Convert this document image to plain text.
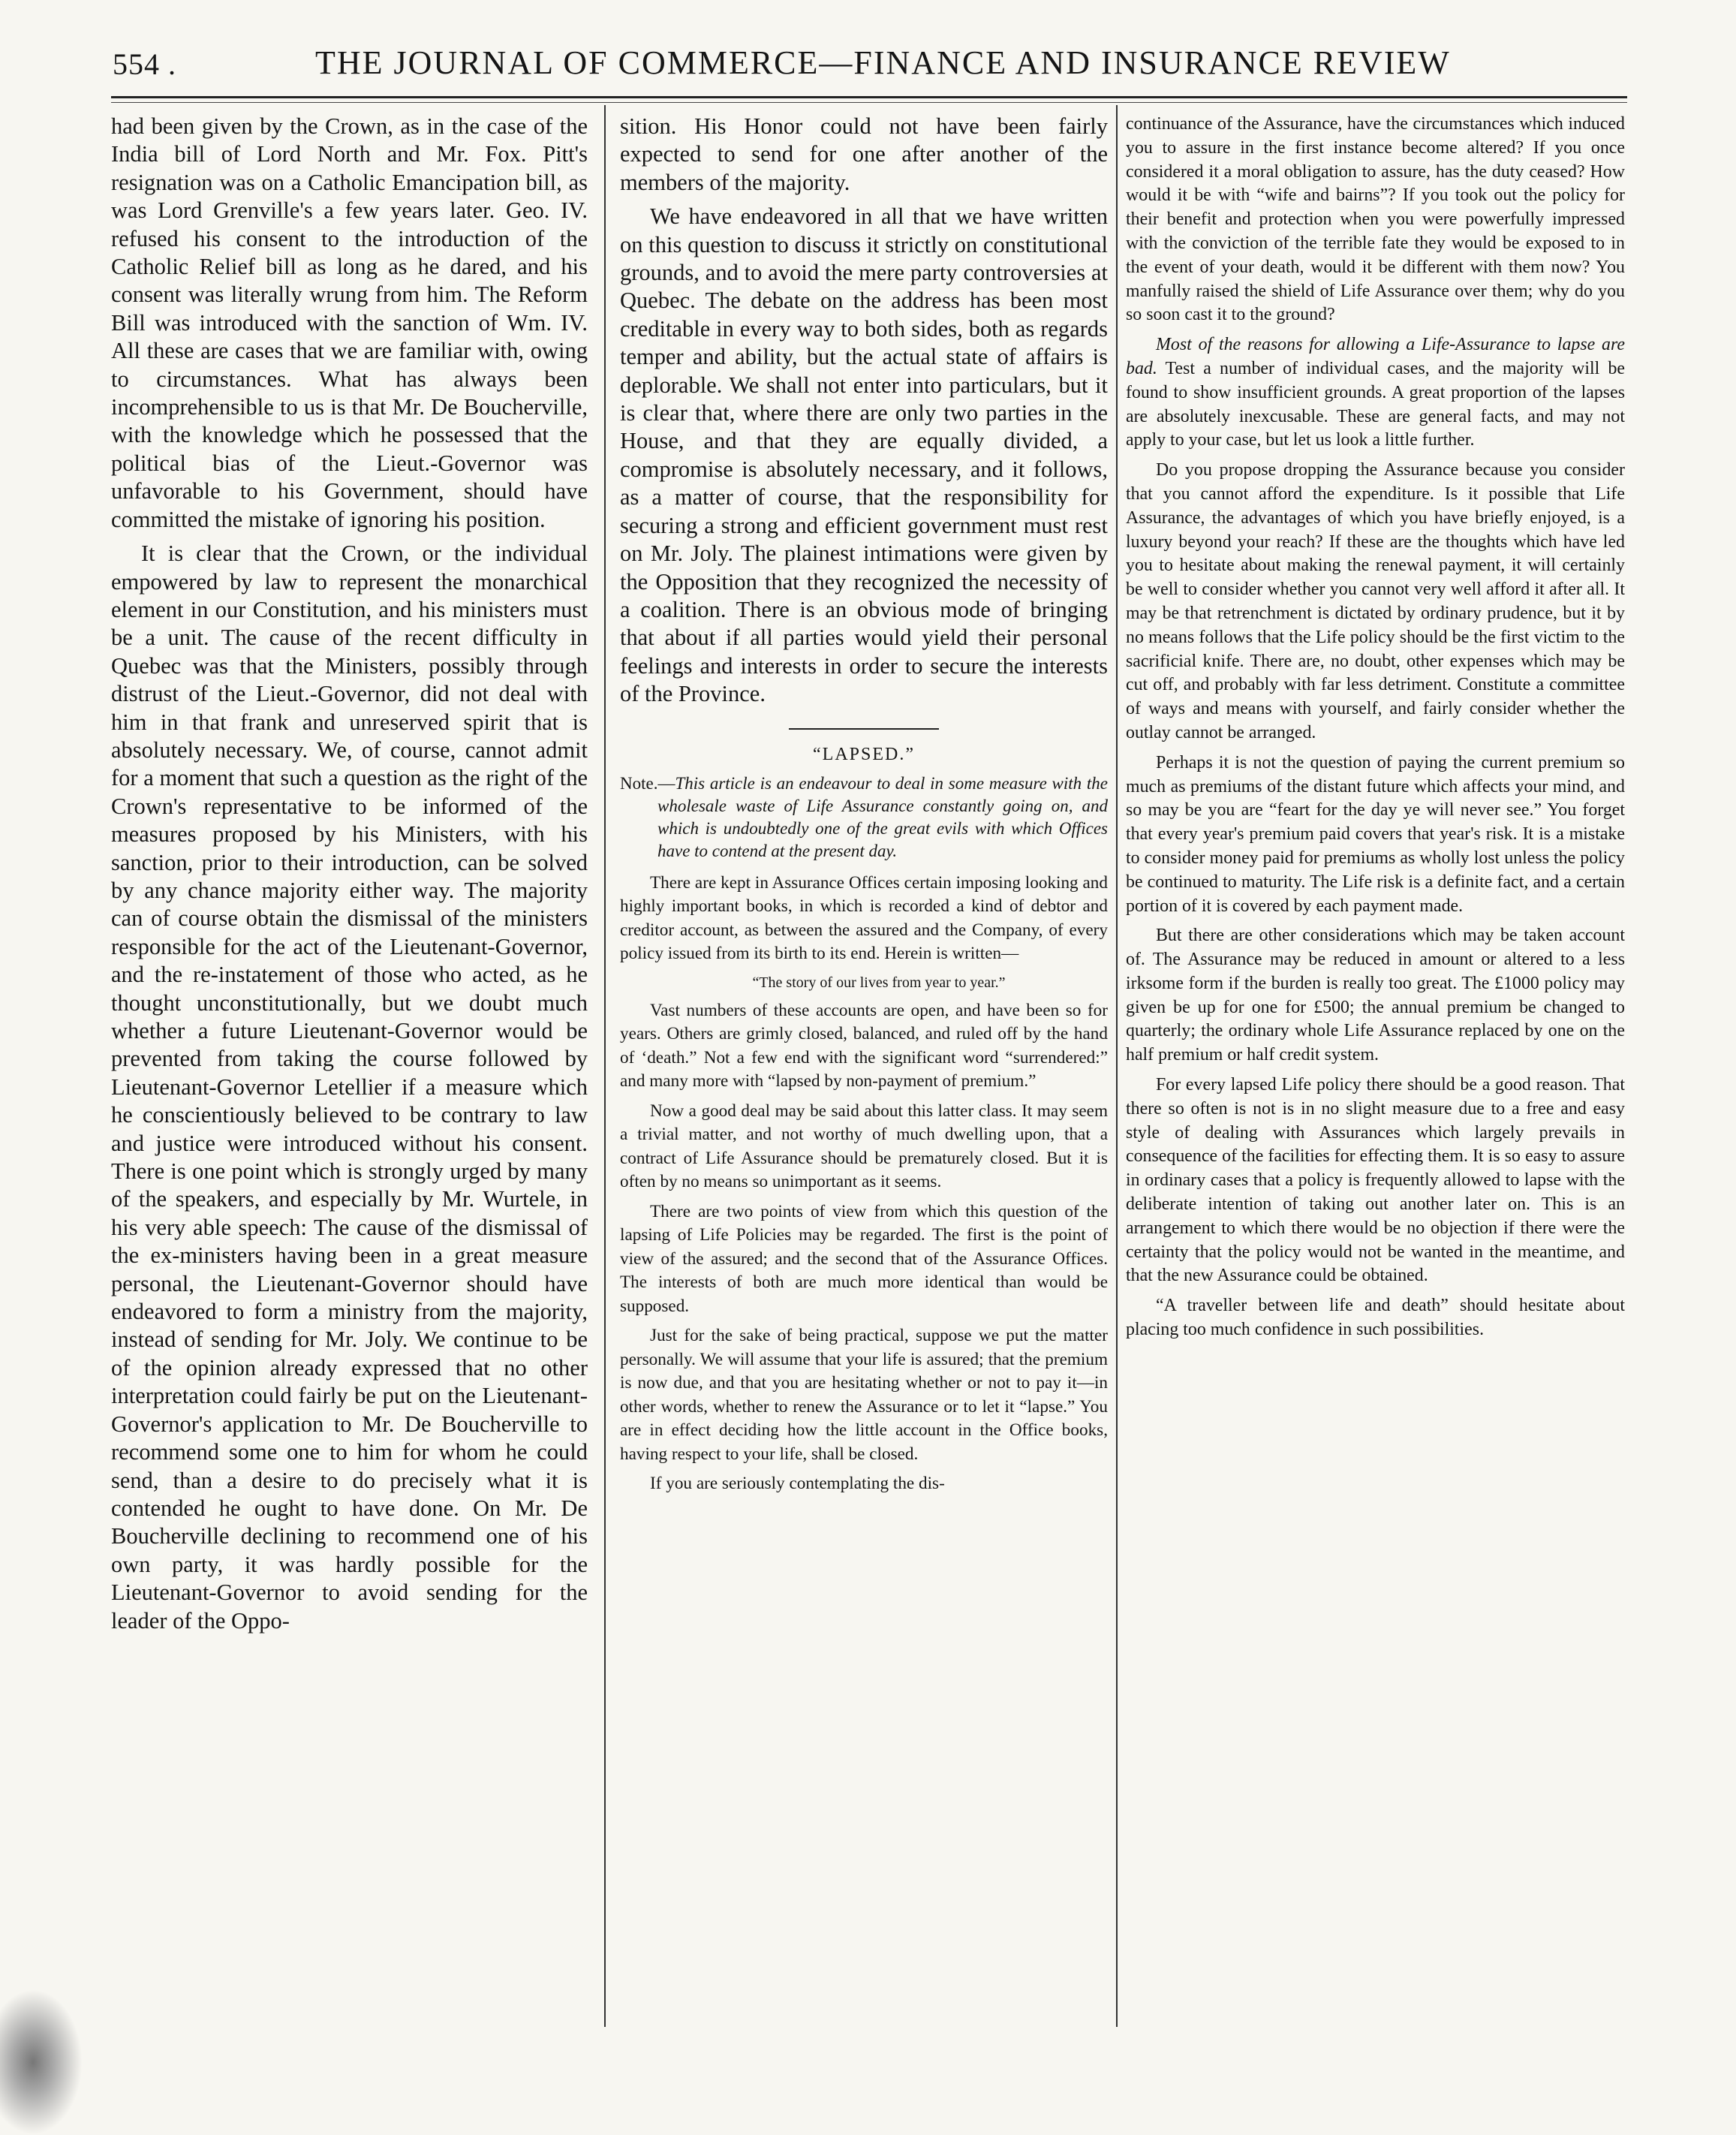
554 .	THE JOURNAL OF COMMERCE—FINANCE AND INSURANCE REVIEW

had been given by the Crown, as in the case of the India bill of Lord North and Mr. Fox. Pitt's resignation was on a Catholic Emancipation bill, as was Lord Grenville's a few years later. Geo. IV. refused his consent to the introduction of the Catholic Relief bill as long as he dared, and his consent was literally wrung from him. The Reform Bill was introduced with the sanction of Wm. IV. All these are cases that we are familiar with, owing to circumstances. What has always been incomprehensible to us is that Mr. De Boucherville, with the knowledge which he possessed that the political bias of the Lieut.-Governor was unfavorable to his Government, should have committed the mistake of ignoring his position.

It is clear that the Crown, or the individual empowered by law to represent the monarchical element in our Constitution, and his ministers must be a unit. The cause of the recent difficulty in Quebec was that the Ministers, possibly through distrust of the Lieut.-Governor, did not deal with him in that frank and unreserved spirit that is absolutely necessary. We, of course, cannot admit for a moment that such a question as the right of the Crown's representative to be informed of the measures proposed by his Ministers, with his sanction, prior to their introduction, can be solved by any chance majority either way. The majority can of course obtain the dismissal of the ministers responsible for the act of the Lieutenant-Governor, and the re-instatement of those who acted, as he thought unconstitutionally, but we doubt much whether a future Lieutenant-Governor would be prevented from taking the course followed by Lieutenant-Governor Letellier if a measure which he conscientiously believed to be contrary to law and justice were introduced without his consent. There is one point which is strongly urged by many of the speakers, and especially by Mr. Wurtele, in his very able speech: The cause of the dismissal of the ex-ministers having been in a great measure personal, the Lieutenant-Governor should have endeavored to form a ministry from the majority, instead of sending for Mr. Joly. We continue to be of the opinion already expressed that no other interpretation could fairly be put on the Lieutenant-Governor's application to Mr. De Boucherville to recommend some one to him for whom he could send, than a desire to do precisely what it is contended he ought to have done. On Mr. De Boucherville declining to recommend one of his own party, it was hardly possible for the Lieutenant-Governor to avoid sending for the leader of the Oppo-

sition. His Honor could not have been fairly expected to send for one after another of the members of the majority.

We have endeavored in all that we have written on this question to discuss it strictly on constitutional grounds, and to avoid the mere party controversies at Quebec. The debate on the address has been most creditable in every way to both sides, both as regards temper and ability, but the actual state of affairs is deplorable. We shall not enter into particulars, but it is clear that, where there are only two parties in the House, and that they are equally divided, a compromise is absolutely necessary, and it follows, as a matter of course, that the responsibility for securing a strong and efficient government must rest on Mr. Joly. The plainest intimations were given by the Opposition that they recognized the necessity of a coalition. There is an obvious mode of bringing that about if all parties would yield their personal feelings and interests in order to secure the interests of the Province.

“LAPSED.”
Note.—This article is an endeavour to deal in some measure with the wholesale waste of Life Assurance constantly going on, and which is undoubtedly one of the great evils with which Offices have to contend at the present day.

There are kept in Assurance Offices certain imposing looking and highly important books, in which is recorded a kind of debtor and creditor account, as between the assured and the Company, of every policy issued from its birth to its end. Herein is written—

“The story of our lives from year to year.”

Vast numbers of these accounts are open, and have been so for years. Others are grimly closed, balanced, and ruled off by the hand of ‘death.” Not a few end with the significant word “surrendered:” and many more with “lapsed by non-payment of premium.”

Now a good deal may be said about this latter class. It may seem a trivial matter, and not worthy of much dwelling upon, that a contract of Life Assurance should be prematurely closed. But it is often by no means so unimportant as it seems.

There are two points of view from which this question of the lapsing of Life Policies may be regarded. The first is the point of view of the assured; and the second that of the Assurance Offices. The interests of both are much more identical than would be supposed.

Just for the sake of being practical, suppose we put the matter personally. We will assume that your life is assured; that the premium is now due, and that you are hesitating whether or not to pay it—in other words, whether to renew the Assurance or to let it “lapse.” You are in effect deciding how the little account in the Office books, having respect to your life, shall be closed.

If you are seriously contemplating the dis-

continuance of the Assurance, have the circumstances which induced you to assure in the first instance become altered? If you once considered it a moral obligation to assure, has the duty ceased? How would it be with “wife and bairns”? If you took out the policy for their benefit and protection when you were powerfully impressed with the conviction of the terrible fate they would be exposed to in the event of your death, would it be different with them now? You manfully raised the shield of Life Assurance over them; why do you so soon cast it to the ground?

Most of the reasons for allowing a Life-Assurance to lapse are bad. Test a number of individual cases, and the majority will be found to show insufficient grounds. A great proportion of the lapses are absolutely inexcusable. These are general facts, and may not apply to your case, but let us look a little further.

Do you propose dropping the Assurance because you consider that you cannot afford the expenditure. Is it possible that Life Assurance, the advantages of which you have briefly enjoyed, is a luxury beyond your reach? If these are the thoughts which have led you to hesitate about making the renewal payment, it will certainly be well to consider whether you cannot very well afford it after all. It may be that retrenchment is dictated by ordinary prudence, but it by no means follows that the Life policy should be the first victim to the sacrificial knife. There are, no doubt, other expenses which may be cut off, and probably with far less detriment. Constitute a committee of ways and means with yourself, and fairly consider whether the outlay cannot be arranged.

Perhaps it is not the question of paying the current premium so much as premiums of the distant future which affects your mind, and so may be you are “feart for the day ye will never see.” You forget that every year's premium paid covers that year's risk. It is a mistake to consider money paid for premiums as wholly lost unless the policy be continued to maturity. The Life risk is a definite fact, and a certain portion of it is covered by each payment made.

But there are other considerations which may be taken account of. The Assurance may be reduced in amount or altered to a less irksome form if the burden is really too great. The £1000 policy may given be up for one for £500; the annual premium be changed to quarterly; the ordinary whole Life Assurance replaced by one on the half premium or half credit system.

For every lapsed Life policy there should be a good reason. That there so often is not is in no slight measure due to a free and easy style of dealing with Assurances which largely prevails in consequence of the facilities for effecting them. It is so easy to assure in ordinary cases that a policy is frequently allowed to lapse with the deliberate intention of taking out another later on. This is an arrangement to which there would be no objection if there were the certainty that the policy would not be wanted in the meantime, and that the new Assurance could be obtained.

“A traveller between life and death” should hesitate about placing too much confidence in such possibilities.
